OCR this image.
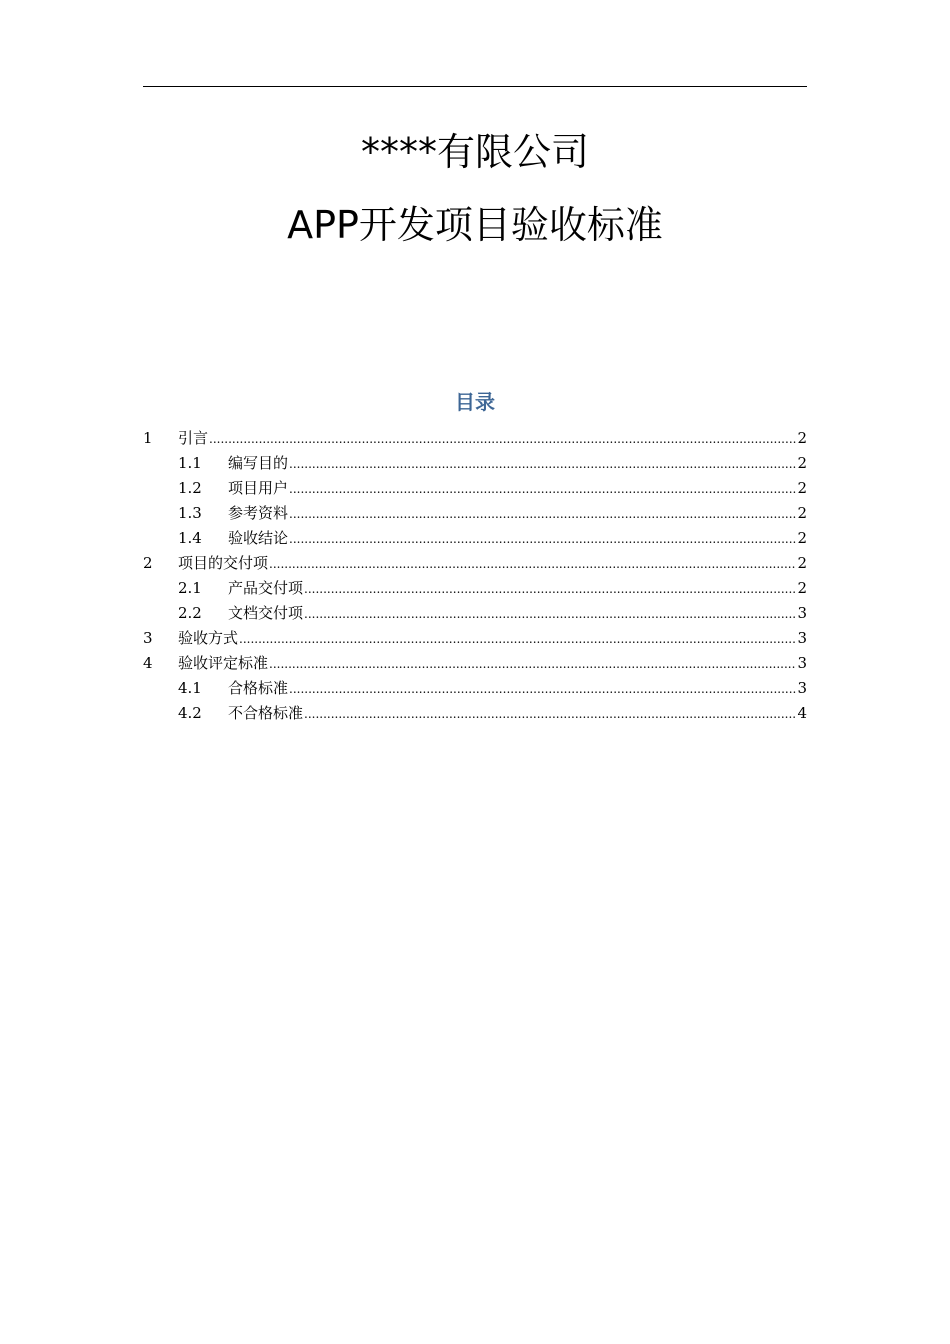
****有限公司
APP开发项目验收标准
目录
1	引言 .....	2
1.1	编写目的 .....	2
1.2	项目用户 .....	2
1.3	参考资料 .....	2
1.4	验收结论 .....	2
2	项目的交付项 .....	2
2.1	产品交付项 .....	2
2.2	文档交付项 .....	3
3	验收方式 .....	3
4	验收评定标准 .....	3
4.1	合格标准 .....	3
4.2	不合格标准 .....	4
